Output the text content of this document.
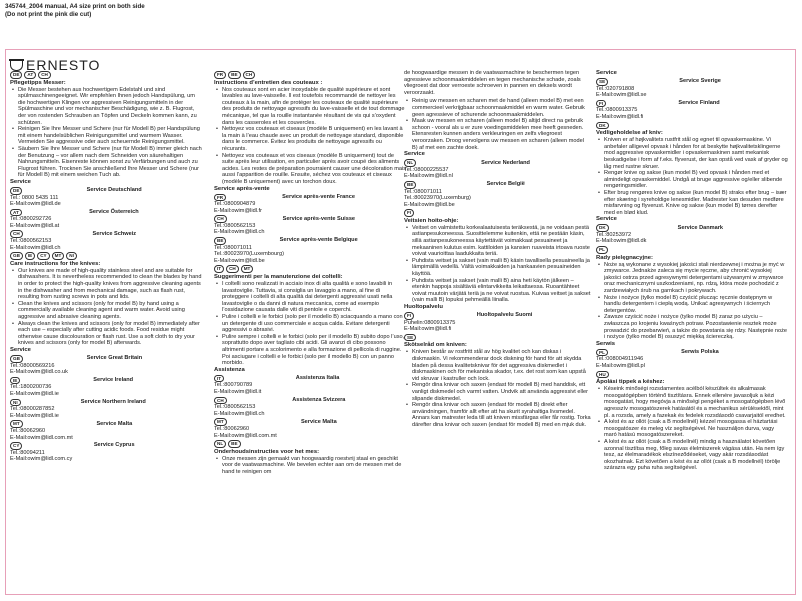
345744_2004 manual, A4 size print on both side
(Do not print the pink die cut)
ERNESTO
DE	AT	CH
Pflegetipps Messer:
• Die Messer bestehen aus hochwertigem Edelstahl und sind spülmaschinengeeignet. Wir empfehlen Ihnen jedoch Handspülung, um die hochwertigen Klingen vor aggressiven Reinigungsmitteln in der Spülmaschine und vor mechanischer Beschädigung, wie z. B. Flugrost, der von rostenden Schrauben an Töpfen und Deckeln kommen kann, zu schützen.
• Reinigen Sie Ihre Messer und Schere (nur für Modell B) per Handspülung mit einem handelsüblichen Reinigungsmittel und warmem Wasser. Vermeiden Sie aggressive oder auch scheuernde Reinigungsmittel.
• Säubern Sie Ihre Messer und Schere (nur für Modell B) immer gleich nach der Benutzung – vor allem nach dem Schneiden von säurehaltigen Nahrungsmitteln. Eisenreste können sonst zu Verfärbungen und auch zu Flugrost führen. Trocknen Sie anschließend Ihre Messer und Schere (nur für Modell B) mit einem weichen Tuch ab.
Service
DE	Service Deutschland
Tel.: 0800 5435 111
E-Mail:owim@lidl.de
AT	Service Österreich
Tel.:0800292726
E-Mail:owim@lidl.at
CH	Service Schweiz
Tel.:0800562153
E-Mail:owim@lidl.ch
GB	IE	CY	MT	NI
Care instructions for the knives:
• Our knives are made of high-quality stainless steel and are suitable for dishwashers. It is nevertheless recommended to clean the blades by hand in order to protect the high-quality knives from aggressive cleaning agents in the dishwasher and from mechanical damage, such as flash rust, resulting from rusting screws in pots and lids.
• Clean the knives and scissors (only for model B) by hand using a commercially available cleaning agent and warm water. Avoid using aggressive and abrasive cleaning agents.
• Always clean the knives and scissors (only for model B) immediately after each use – especially after cutting acidic foods. Food residue might otherwise cause discolouration or flash rust. Use a soft cloth to dry your knives and scissors (only for model B) afterwards.
Service
GB	Service Great Britain
Tel.:08000569216
E-Mail:owim@lidl.co.uk
IE	Service Ireland
Tel.:1800200736
E-Mail:owim@lidl.ie
NI	Service Northern Ireland
Tel.:08000287852
E-Mail:owim@lidl.ie
MT	Service Malta
Tel.:80062960
E-Mail:owim@lidl.com.mt
CY	Service Cyprus
Tel.:80094211
E-Mail:owim@lidl.com.cy
FR	BE	CH
Instructions d’entretien des couteaux :
• Nos couteaux sont en acier inoxydable de qualité supérieure et sont lavables au lave-vaisselle. Il est toutefois recommandé de nettoyer les couteaux à la main, afin de protéger les couteaux de qualité supérieure des produits de nettoyage agressifs du lave-vaisselle et de tout dommage mécanique, tel que la rouille instantanée résultant de vis qui s’oxydent dans les casseroles et les couvercles.
• Nettoyez vos couteaux et ciseaux (modèle B uniquement) en les lavant à la main à l’eau chaude avec un produit de nettoyage standard, disponible dans le commerce. Évitez les produits de nettoyage agressifs ou récurants.
• Nettoyez vos couteaux et vos ciseaux (modèle B uniquement) tout de suite après leur utilisation, en particulier après avoir coupé des aliments acides. Les restes de préparation pourraient causer une décoloration mais aussi l’apparition de rouille. Ensuite, séchez vos couteaux et ciseaux (modèle B uniquement) avec un torchon doux.
Service après-vente
FR	Service après-vente France
Tel.:0800904879
E-Mail:owim@lidl.fr
CH	Service après-vente Suisse
Tel.:0800562153
E-Mail:owim@lidl.ch
BE	Service après-vente Belgique
Tel.:080071011
Tel.:80023970(Luxembourg)
E-Mail:owim@lidl.be
IT	CH	MT
Suggerimenti per la manutenzione dei coltelli:
• I coltelli sono realizzati in acciaio inox di alta qualità e sono lavabili in lavastoviglie. Tuttavia, si consiglia un lavaggio a mano, al fine di proteggere i coltelli di alta qualità dai detergenti aggressivi usati nella lavastoviglie o da danni di natura meccanica, come ad esempio l’ossidazione causata dalle viti di pentole e coperchi.
• Pulire i coltelli e le forbici (solo per il modello B) sciacquando a mano con un detergente di uso commerciale e acqua calda. Evitare detergenti aggressivi o abrasivi.
• Pulire sempre i coltelli e le forbici (solo per il modello B) subito dopo l’uso, soprattutto dopo aver tagliato cibi acidi. Gli avanzi di cibo possono altrimenti portare a scolorimento e alla formazione di pellicola di ruggine. Poi asciugare i coltelli e le forbici (solo per il modello B) con un panno morbido.
Assistenza
IT	Assistenza Italia
Tel.:800790789
E-Mail:owim@lidl.it
CH	Assistenza Svizzera
Tel.:0800562153
E-Mail:owim@lidl.ch
MT	Service Malta
Tel.:80062960
E-Mail:owim@lidl.com.mt
NL	BE
Onderhoudsinstructies voor het mes:
• Onze messen zijn gemaakt van hoogwaardig roestvrij staal en geschikt voor de vaatwasmachine. We bevelen echter aan om de messen met de hand te reinigen om

de hoogwaardige messen in de vaatwasmachine te beschermen tegen agressieve schoonmaakmiddelen en tegen mechanische schade, zoals vliegroest dat door verroeste schroeven in pannen en deksels wordt veroorzaakt.

• Reinig uw messen en scharen met de hand (alleen model B) met een commercieel verkrijgbaar schoonmaakmiddel en warm water. Gebruik geen agressieve of schurende schoonmaakmiddelen.
• Maak uw messen en scharen (alleen model B) altijd direct na gebruik schoon - vooral als u er zure voedingsmiddelen mee heeft gesneden. Etensresten kunnen anders verkleuringen en zelfs vliegroest veroorzaken. Droog vervolgens uw messen en scharen (alleen model B) af met een zachte doek.
Service
NL	Service Nederland
Tel.:08000225537
E-Mail:owim@lidl.nl
BE	Service België
Tel.:080071011
Tel.:80023970(Luxemburg)
E-Mail:owim@lidl.be
FI
Veitsien hoito-ohje:
• Veitset on valmistettu korkealaatuisesta teräksestä, ja ne voidaan pestä astianpesukoneessa. Suosittelemme kuitenkin, että ne pestään käsin, sillä astianpesukoneessa käytettävät voimakkaat pesuaineet ja mekaaninen kulutus esim. kattiloiden ja kansien ruuveista irtoava ruoste voivat vaurioittaa laadukkaita teriä.
• Puhdista veitset ja sakset (vain malli B) käsin tavallisella pesuaineella ja lämpimällä vedellä. Vältä voimakkaiden ja hankaavien pesuaineiden käyttöä.
• Puhdista veitset ja sakset (vain malli B) aina heti käytön jälkeen – etenkin happoja sisältäviä elintarvikkeita leikattaessa. Ruoantähteet voivat muutoin värjätä teriä ja ne voivat ruostua. Kuivaa veitset ja sakset (vain malli B) lopuksi pehmeällä liinalla.
Huoltopalvelu
FI	Huoltopalvelu Suomi
Puhelin:0800913375
E-Mail:owim@lidl.fi
SE
Skötselråd om kniven:
• Kniven består av rostfritt stål av hög kvalitet och kan diskas i diskmaskin. Vi rekommenderar dock diskning för hand för att skydda bladen på dessa kvalitetsknivar för det aggressiva diskmedlet i diskmaskinen och för mekaniska skador, t.ex. det rost som kan uppstå vid skruvar i kastruller och lock.
• Rengör dina knivar och saxen (endast för modell B) med handdisk, ett vanligt diskmedel och varmt vatten. Undvik att använda aggressivt eller slipande diskmedel.
• Rengör dina knivar och saxen (endast för modell B) direkt efter användningen, framför allt efter att ha skurit syrahaltiga livsmedel. Annars kan matrester leda till att kniven missfärgas eller får rostig. Torka därefter dina knivar och saxen (endast för modell B) med en mjuk duk.
Service
SE	Service Sverige
Tel.:020791808
E-Mail:owim@lidl.se
FI	Service Finland
Tel.:0800913375
E-Mail:owim@lidl.fi
DK
Vedligeholdelse af kniv:
• Kniven er af højkvalitets rustfrit stål og egnet til opvaskemaskine. Vi anbefaler alligevel opvask i hånden for at beskytte højkvalitetsklingerne mod aggressive opvaskemidler i opvaskemaskinen samt mekanisk beskadigelse i form af f.eks. flyverust, der kan opstå ved vask af gryder og låg med rustne skruer.
• Rengør knive og sakse (kun model B) ved opvask i hånden med et almindeligt opvaskemiddel. Undgå at bruge aggressive og/eller slibende rengøringsmidler.
• Efter brug rengøres knive og sakse (kun model B) straks efter brug – især efter skæring i syreholdige lenesmidler. Madrester kan desuden medføre misfarvning og flyverust. Knive og sakse (kun model B) tørres derefter med en blød klud.
Service
DK	Service Danmark
Tel.:80253972
E-Mail:owim@lidl.dk
PL
Rady pielęgnacyjne:
• Noże są wykonane z wysokiej jakości stali nierdzewnej i można je myć w zmywarce. Jednakże zaleca się mycie ręczne, aby chronić wysokiej jakości ostrza przed agresywnymi detergentami używanymi w zmywarce oraz mechanicznymi uszkodzeniami, np. rdzą, która może pochodzić z zardzewiałych śrub na garnkach i pokrywach.
• Noże i nożyce (tylko model B) czyścić płucząc ręcznie dostępnym w handlu detergentem i ciepłą wodą. Unikać agresywnych i ściernych detergentów.
• Zawsze czyścić noże i nożyce (tylko model B) zaraz po użyciu – zwłaszcza po krojeniu kwaśnych potraw. Pozostawienie resztek może prowadzić do przebarwień, a także do powstania się rdzy. Następnie noże i nożyce (tylko model B) osuszyć miękką ściereczką.
Serwis
PL	Serwis Polska
Tel.:008004911946
E-Mail:owim@lidl.pl
HU
Ápolási tippek a késhez:
• Késeink minőségi rozsdamentes acélból készültek és alkalmasak mosogatógépben történő tisztításra. Ennek ellenére javasoljuk a kézi mosogatást, hogy megóvja a minőségi pengéket a mosogatógépben lévő agresszív mosogatószerek hatásától és a mechanikus sérülésektől, mint pl. a rozsda, amely a fazekak és fedelek rozsdásodó csavarjaitól eredhet.
• A kést és az ollót (csak a B modellnél) kézzel mosogassa el háztartási mosogatószer és meleg víz segítségével. Ne használjon durva, vagy maró hatású mosogatószereket.
• A kést és az ollót (csak a B modellnél) mindig a használatot követően azonnal tisztítsa meg, főleg savas élelmiszerek vágása után. Ha nem így tesz, az élelmaradékok elszíneződéseket, vagy akár rozsdásodást okozhatnak. Ezt követően a kést és az ollót (csak a B modellnél) törölje szárazra egy puha ruha segítségével.
